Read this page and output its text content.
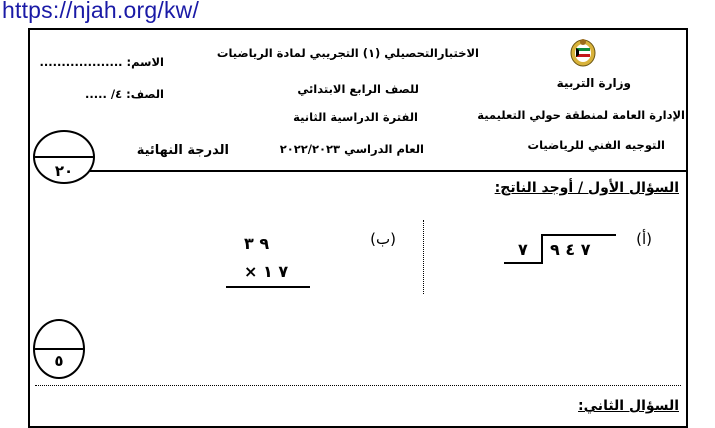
https://njah.org/kw/
الاسم: ...................
الصف: ٤/ .....
الاختبارالتحصيلي (١) التجريبي لمادة الرياضيات
للصف الرابع الابتدائي
الفترة الدراسية الثانية
العام الدراسي ٢٠٢٢/٢٠٢٣
وزارة التربية
الإدارة العامة لمنطقة حولي التعليمية
التوجيه الفني للرياضيات
الدرجة النهائية
٢٠
السؤال الأول / أوجد الناتج:
(أ)
٧ ٤ ٩
٧
(ب)
٩ ٣
٧ ١ ×
٥
السؤال الثاني:
